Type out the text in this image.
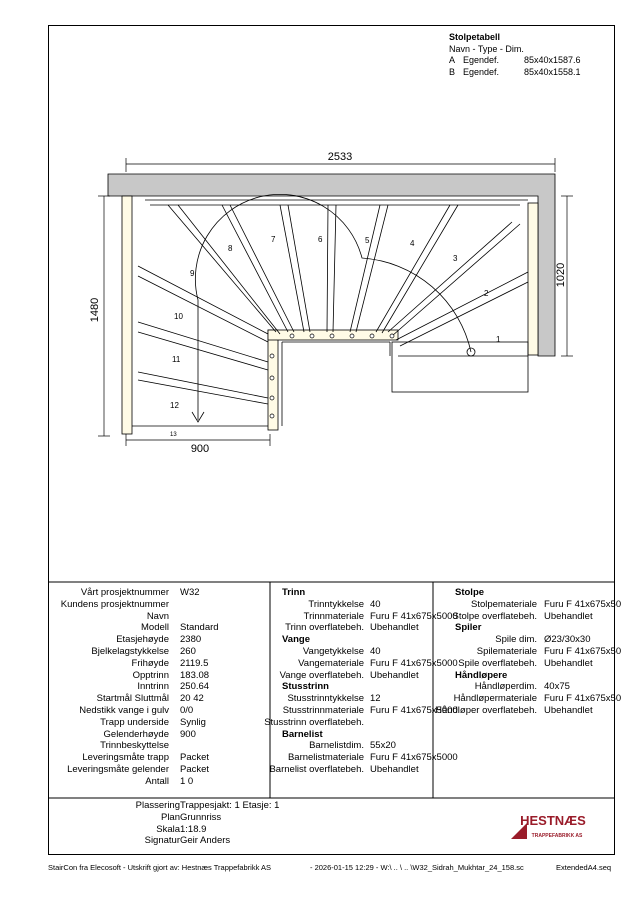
2533
1480
1020
900
1
2
3
4
5
6
7
8
9
10
11
12
13
Stolpetabell
Navn - Type - Dim.
A Egendef.	85x40x1587.6
B Egendef.	85x40x1558.1
Vårt prosjektnummer W32
Kundens prosjektnummer
Navn
Modell Standard
Etasjehøyde 2380
Bjelkelagstykkelse 260
Frihøyde 2119.5
Opptrinn 183.08
Inntrinn 250.64
Startmål Sluttmål 20 42
Nedstikk vange i gulv 0/0
Trapp underside Synlig
Gelenderhøyde 900
Trinnbeskyttelse
Leveringsmåte trapp Packet
Leveringsmåte gelender Packet
Antall 1 0
Trinn
Trinntykkelse 40
Trinnmateriale Furu F 41x675x5000
Trinn overflatebeh. Ubehandlet
Vange
Vangetykkelse 40
Vangemateriale Furu F 41x675x5000
Vange overflatebeh. Ubehandlet
Stusstrinn
Stusstrinntykkelse 12
Stusstrinnmateriale Furu F 41x675x5000
Stusstrinn overflatebeh.
Barnelist
Barnelistdim. 55x20
Barnelistmateriale Furu F 41x675x5000
Barnelist overflatebeh. Ubehandlet
Stolpe
Stolpemateriale Furu F 41x675x50
Stolpe overflatebeh. Ubehandlet
Spiler
Spile dim. Ø23/30x30
Spilemateriale Furu F 41x675x50
Spile overflatebeh. Ubehandlet
Håndløpere
Håndløperdim. 40x75
Håndløpermateriale Furu F 41x675x50
Håndløper overflatebeh. Ubehandlet
Plassering Trappesjakt: 1 Etasje: 1
Plan Grunnriss
Skala 1:18.9
Signatur Geir Anders
HESTNÆS
TRAPPEFABRIKK AS
StairCon fra Elecosoft - Utskrift gjort av: Hestnæs Trappefabrikk AS	- 2026-01-15 12:29 - W:\ .. \ .. \W32_Sidrah_Mukhtar_24_158.sc	ExtendedA4.seq
